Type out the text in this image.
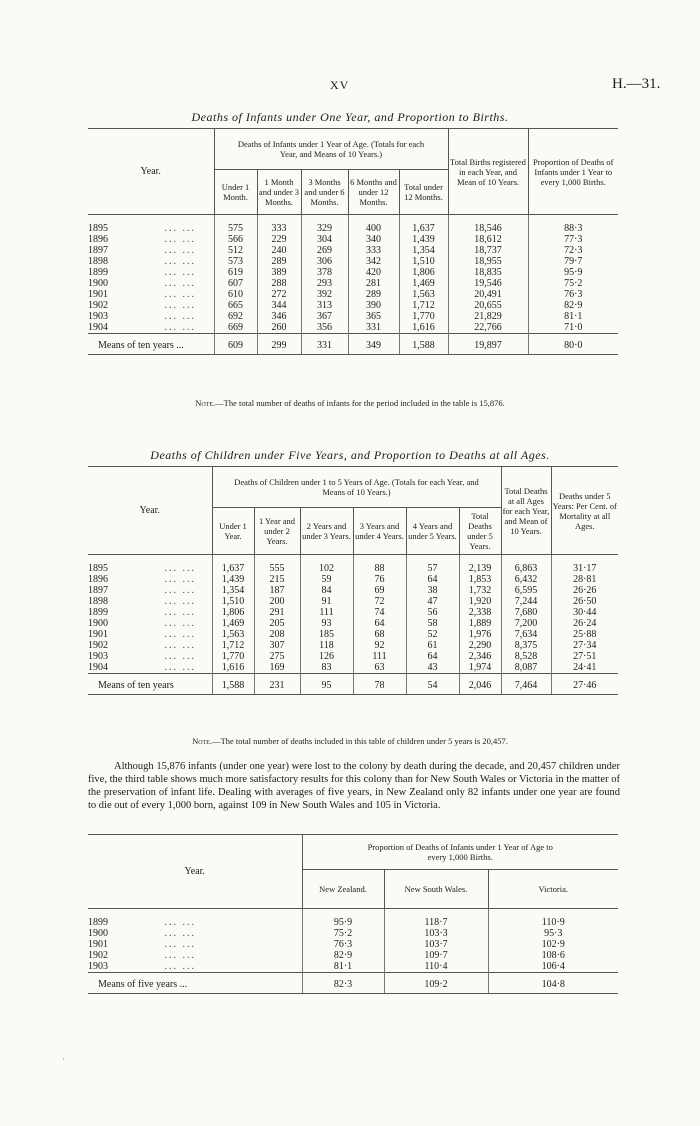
XV	H.—31.
Deaths of Infants under One Year, and Proportion to Births.
Year.	Deaths of Infants under 1 Year of Age. (Totals for each Year, and Means of 10 Years.)					Total Births registered in each Year, and Mean of 10 Years.	Proportion of Deaths of Infants under 1 Year to every 1,000 Births.
	Under 1 Month.	1 Month and under 3 Months.	3 Months and under 6 Months.	6 Months and under 12 Months.	Total under 12 Months.		

1895 ... ...	575	333	329	400	1,637	18,546	88·3
1896 ... ...	566	229	304	340	1,439	18,612	77·3
1897 ... ...	512	240	269	333	1,354	18,737	72·3
1898 ... ...	573	289	306	342	1,510	18,955	79·7
1899 ... ...	619	389	378	420	1,806	18,835	95·9
1900 ... ...	607	288	293	281	1,469	19,546	75·2
1901 ... ...	610	272	392	289	1,563	20,491	76·3
1902 ... ...	665	344	313	390	1,712	20,655	82·9
1903 ... ...	692	346	367	365	1,770	21,829	81·1
1904 ... ...	669	260	356	331	1,616	22,766	71·0
Means of ten years ...	609	299	331	349	1,588	19,897	80·0
Note.—The total number of deaths of infants for the period included in the table is 15,876.
Deaths of Children under Five Years, and Proportion to Deaths at all Ages.
Year.	Deaths of Children under 1 to 5 Years of Age. (Totals for each Year, and Means of 10 Years.)						Total Deaths at all Ages for each Year, and Mean of 10 Years.	Deaths under 5 Years: Per Cent. of Mortality at all Ages.
	Under 1 Year.	1 Year and under 2 Years.	2 Years and under 3 Years.	3 Years and under 4 Years.	4 Years and under 5 Years.	Total Deaths under 5 Years.		

1895 ... ...	1,637	555	102	88	57	2,139	6,863	31·17
1896 ... ...	1,439	215	59	76	64	1,853	6,432	28·81
1897 ... ...	1,354	187	84	69	38	1,732	6,595	26·26
1898 ... ...	1,510	200	91	72	47	1,920	7,244	26·50
1899 ... ...	1,806	291	111	74	56	2,338	7,680	30·44
1900 ... ...	1,469	205	93	64	58	1,889	7,200	26·24
1901 ... ...	1,563	208	185	68	52	1,976	7,634	25·88
1902 ... ...	1,712	307	118	92	61	2,290	8,375	27·34
1903 ... ...	1,770	275	126	111	64	2,346	8,528	27·51
1904 ... ...	1,616	169	83	63	43	1,974	8,087	24·41
Means of ten years	1,588	231	95	78	54	2,046	7,464	27·46
Note.—The total number of deaths included in this table of children under 5 years is 20,457.
Although 15,876 infants (under one year) were lost to the colony by death during the decade, and 20,457 children under five, the third table shows much more satisfactory results for this colony than for New South Wales or Victoria in the matter of the preservation of infant life. Dealing with averages of five years, in New Zealand only 82 infants under one year are found to die out of every 1,000 born, against 109 in New South Wales and 105 in Victoria.
Year.	Proportion of Deaths of Infants under 1 Year of Age to every 1,000 Births.		
	New Zealand.	New South Wales.	Victoria.

1899 ... ...	95·9	118·7	110·9
1900 ... ...	75·2	103·3	95·3
1901 ... ...	76·3	103·7	102·9
1902 ... ...	82·9	109·7	108·6
1903 ... ...	81·1	110·4	106·4
Means of five years ...	82·3	109·2	104·8
·
